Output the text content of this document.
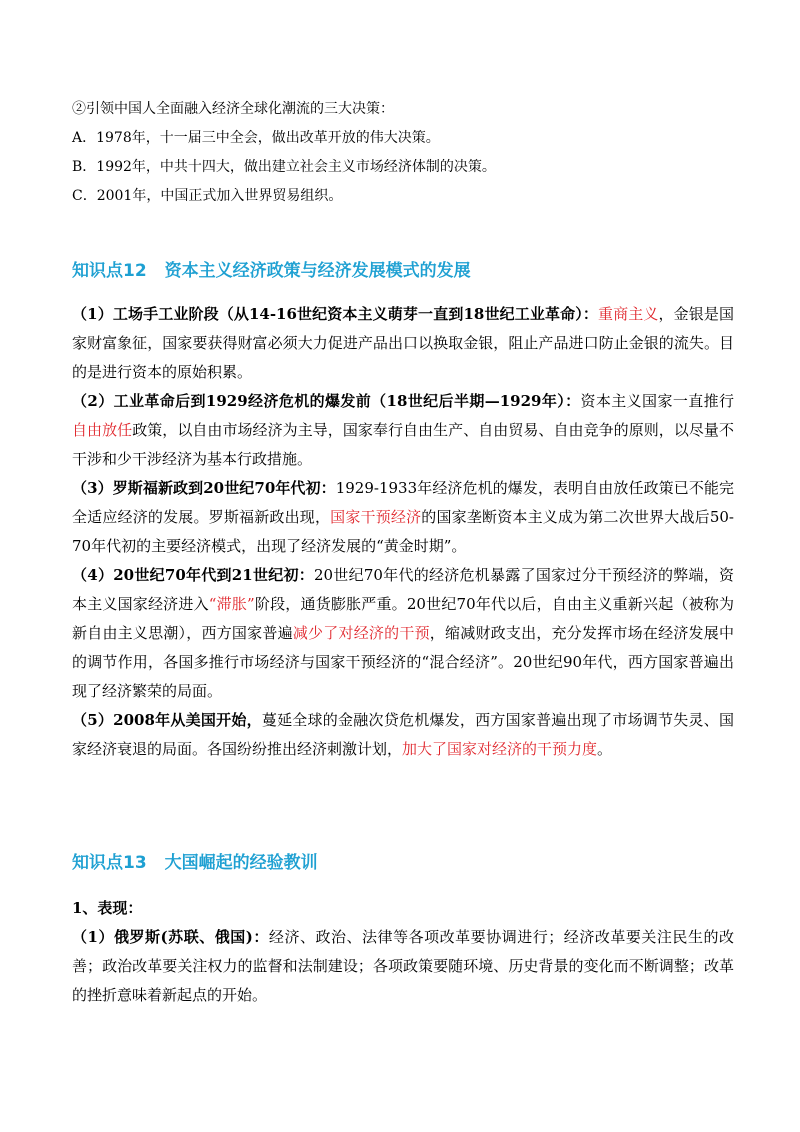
②引领中国人全面融入经济全球化潮流的三大决策：

A．1978年，十一届三中全会，做出改革开放的伟大决策。

B．1992年，中共十四大，做出建立社会主义市场经济体制的决策。

C．2001年，中国正式加入世界贸易组织。

知识点12 资本主义经济政策与经济发展模式的发展

（1）工场手工业阶段（从14-16世纪资本主义萌芽一直到18世纪工业革命）：重商主义，金银是国家财富象征，国家要获得财富必须大力促进产品出口以换取金银，阻止产品进口防止金银的流失。目的是进行资本的原始积累。

（2）工业革命后到1929经济危机的爆发前（18世纪后半期—1929年）：资本主义国家一直推行自由放任政策，以自由市场经济为主导，国家奉行自由生产、自由贸易、自由竞争的原则，以尽量不干涉和少干涉经济为基本行政措施。

（3）罗斯福新政到20世纪70年代初：1929-1933年经济危机的爆发，表明自由放任政策已不能完全适应经济的发展。罗斯福新政出现，国家干预经济的国家垄断资本主义成为第二次世界大战后50-70年代初的主要经济模式，出现了经济发展的“黄金时期”。

（4）20世纪70年代到21世纪初：20世纪70年代的经济危机暴露了国家过分干预经济的弊端，资本主义国家经济进入“滞胀”阶段，通货膨胀严重。20世纪70年代以后，自由主义重新兴起（被称为新自由主义思潮），西方国家普遍减少了对经济的干预，缩减财政支出，充分发挥市场在经济发展中的调节作用，各国多推行市场经济与国家干预经济的“混合经济”。20世纪90年代，西方国家普遍出现了经济繁荣的局面。

（5）2008年从美国开始，蔓延全球的金融次贷危机爆发，西方国家普遍出现了市场调节失灵、国家经济衰退的局面。各国纷纷推出经济刺激计划，加大了国家对经济的干预力度。

知识点13 大国崛起的经验教训

1、表现：

（1）俄罗斯(苏联、俄国)：经济、政治、法律等各项改革要协调进行；经济改革要关注民生的改善；政治改革要关注权力的监督和法制建设；各项政策要随环境、历史背景的变化而不断调整；改革的挫折意味着新起点的开始。
